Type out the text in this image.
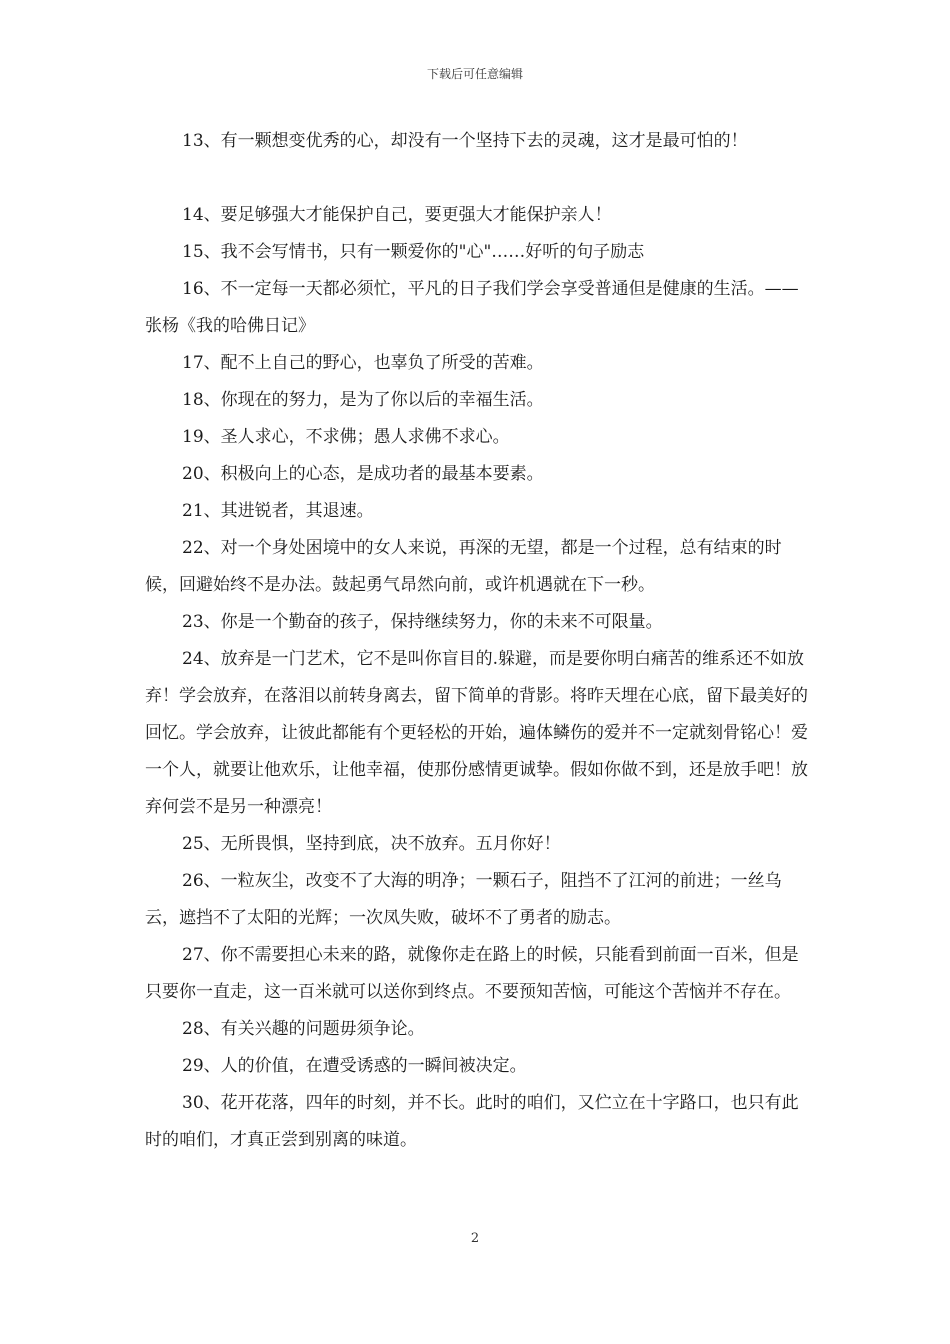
下载后可任意编辑

13、有一颗想变优秀的心，却没有一个坚持下去的灵魂，这才是最可怕的！

14、要足够强大才能保护自己，要更强大才能保护亲人！

15、我不会写情书，只有一颗爱你的"心"……好听的句子励志

16、不一定每一天都必须忙，平凡的日子我们学会享受普通但是健康的生活。——张杨《我的哈佛日记》

17、配不上自己的野心，也辜负了所受的苦难。

18、你现在的努力，是为了你以后的幸福生活。

19、圣人求心，不求佛；愚人求佛不求心。

20、积极向上的心态，是成功者的最基本要素。

21、其进锐者，其退速。

22、对一个身处困境中的女人来说，再深的无望，都是一个过程，总有结束的时候，回避始终不是办法。鼓起勇气昂然向前，或许机遇就在下一秒。

23、你是一个勤奋的孩子，保持继续努力，你的未来不可限量。

24、放弃是一门艺术，它不是叫你盲目的.躲避，而是要你明白痛苦的维系还不如放弃！学会放弃，在落泪以前转身离去，留下简单的背影。将昨天埋在心底，留下最美好的回忆。学会放弃，让彼此都能有个更轻松的开始，遍体鳞伤的爱并不一定就刻骨铭心！爱一个人，就要让他欢乐，让他幸福，使那份感情更诚挚。假如你做不到，还是放手吧！放弃何尝不是另一种漂亮！

25、无所畏惧，坚持到底，决不放弃。五月你好！

26、一粒灰尘，改变不了大海的明净；一颗石子，阻挡不了江河的前进；一丝乌云，遮挡不了太阳的光辉；一次凤失败，破坏不了勇者的励志。

27、你不需要担心未来的路，就像你走在路上的时候，只能看到前面一百米，但是只要你一直走，这一百米就可以送你到终点。不要预知苦恼，可能这个苦恼并不存在。

28、有关兴趣的问题毋须争论。

29、人的价值，在遭受诱惑的一瞬间被决定。

30、花开花落，四年的时刻，并不长。此时的咱们，又伫立在十字路口，也只有此时的咱们，才真正尝到别离的味道。

2
